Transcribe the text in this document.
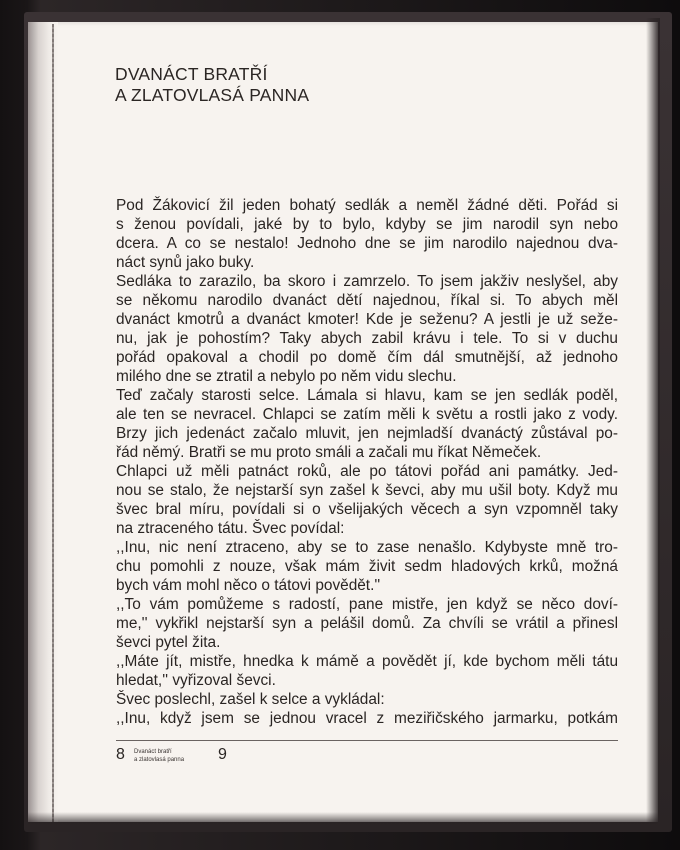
DVANÁCT BRATŘÍ
A ZLATOVLASÁ PANNA
Pod Žákovicí žil jeden bohatý sedlák a neměl žádné děti. Pořád si
s ženou povídali, jaké by to bylo, kdyby se jim narodil syn nebo
dcera. A co se nestalo! Jednoho dne se jim narodilo najednou dva-
náct synů jako buky.
Sedláka to zarazilo, ba skoro i zamrzelo. To jsem jakživ neslyšel, aby
se někomu narodilo dvanáct dětí najednou, říkal si. To abych měl
dvanáct kmotrů a dvanáct kmoter! Kde je seženu? A jestli je už seže-
nu, jak je pohostím? Taky abych zabil krávu i tele. To si v duchu
pořád opakoval a chodil po domě čím dál smutnější, až jednoho
milého dne se ztratil a nebylo po něm vidu slechu.
Teď začaly starosti selce. Lámala si hlavu, kam se jen sedlák poděl,
ale ten se nevracel. Chlapci se zatím měli k světu a rostli jako z vody.
Brzy jich jedenáct začalo mluvit, jen nejmladší dvanáctý zůstával po-
řád němý. Bratři se mu proto smáli a začali mu říkat Němeček.
Chlapci už měli patnáct roků, ale po tátovi pořád ani památky. Jed-
nou se stalo, že nejstarší syn zašel k ševci, aby mu ušil boty. Když mu
švec bral míru, povídali si o všelijakých věcech a syn vzpomněl taky
na ztraceného tátu. Švec povídal:
,,Inu, nic není ztraceno, aby se to zase nenašlo. Kdybyste mně tro-
chu pomohli z nouze, však mám živit sedm hladových krků, možná
bych vám mohl něco o tátovi povědět.''
,,To vám pomůžeme s radostí, pane mistře, jen když se něco doví-
me,'' vykřikl nejstarší syn a pelášil domů. Za chvíli se vrátil a přinesl
ševci pytel žita.
,,Máte jít, mistře, hnedka k mámě a povědět jí, kde bychom měli tátu
hledat,'' vyřizoval ševci.
Švec poslechl, zašel k selce a vykládal:
,,Inu, když jsem se jednou vracel z meziřičského jarmarku, potkám
8 Dvanáct bratří
a zlatovlasá panna 9
